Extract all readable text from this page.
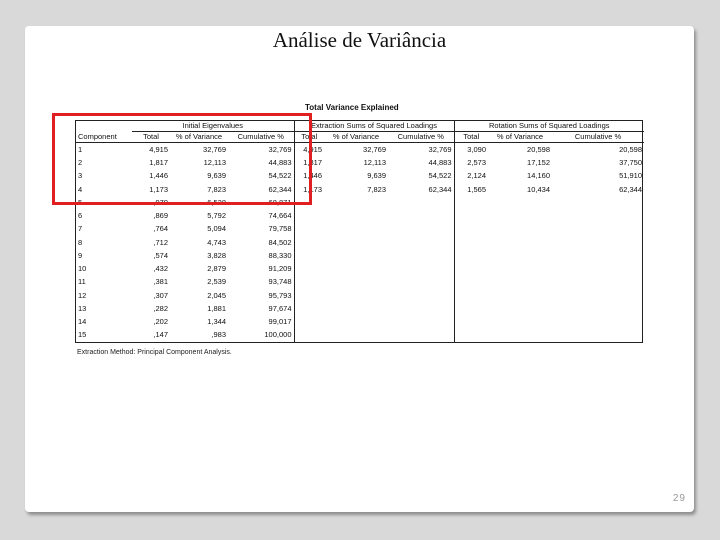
Análise de Variância
29
Total Variance Explained
	Initial Eigenvalues			Extraction Sums of Squared Loadings			Rotation Sums of Squared Loadings		
Component	Total	% of Variance	Cumulative %	Total	% of Variance	Cumulative %	Total	% of Variance	Cumulative %
1	4,915	32,769	32,769	4,915	32,769	32,769	3,090	20,598	20,598
2	1,817	12,113	44,883	1,817	12,113	44,883	2,573	17,152	37,750
3	1,446	9,639	54,522	1,446	9,639	54,522	2,124	14,160	51,910
4	1,173	7,823	62,344	1,173	7,823	62,344	1,565	10,434	62,344
5	,979	6,528	68,871						
6	,869	5,792	74,664						
7	,764	5,094	79,758						
8	,712	4,743	84,502						
9	,574	3,828	88,330						
10	,432	2,879	91,209						
11	,381	2,539	93,748						
12	,307	2,045	95,793						
13	,282	1,881	97,674						
14	,202	1,344	99,017						
15	,147	,983	100,000						
Extraction Method: Principal Component Analysis.
